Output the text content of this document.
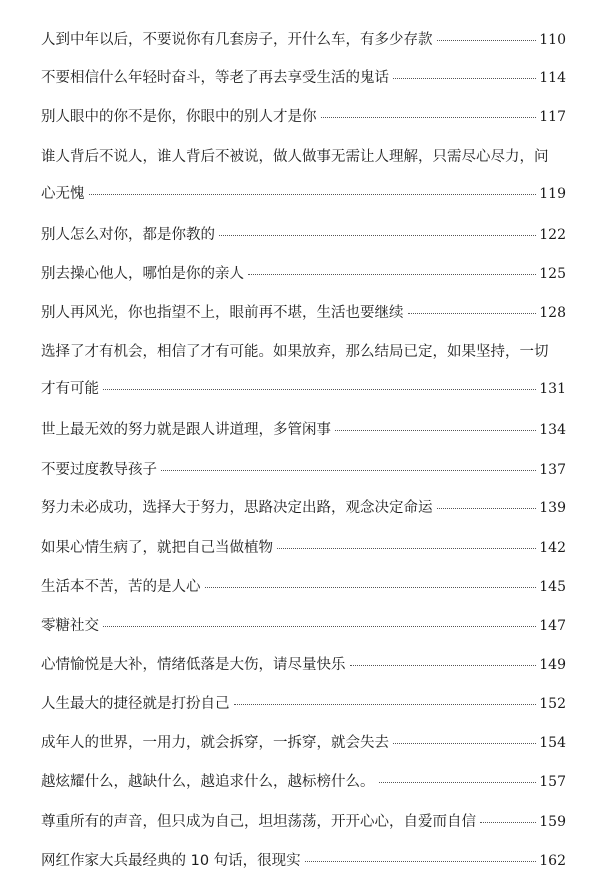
人到中年以后，不要说你有几套房子，开什么车，有多少存款	110
不要相信什么年轻时奋斗，等老了再去享受生活的鬼话	114
别人眼中的你不是你，你眼中的别人才是你	117
谁人背后不说人，谁人背后不被说，做人做事无需让人理解，只需尽心尽力，问
心无愧	119
别人怎么对你，都是你教的	122
别去操心他人，哪怕是你的亲人	125
别人再风光，你也指望不上，眼前再不堪，生活也要继续	128
选择了才有机会，相信了才有可能。如果放弃，那么结局已定，如果坚持，一切
才有可能	131
世上最无效的努力就是跟人讲道理，多管闲事	134
不要过度教导孩子	137
努力未必成功，选择大于努力，思路决定出路，观念决定命运	139
如果心情生病了，就把自己当做植物	142
生活本不苦，苦的是人心	145
零糖社交	147
心情愉悦是大补，情绪低落是大伤，请尽量快乐	149
人生最大的捷径就是打扮自己	152
成年人的世界，一用力，就会拆穿，一拆穿，就会失去	154
越炫耀什么，越缺什么，越追求什么，越标榜什么。	157
尊重所有的声音，但只成为自己，坦坦荡荡，开开心心，自爱而自信	159
网红作家大兵最经典的 10 句话，很现实	162
